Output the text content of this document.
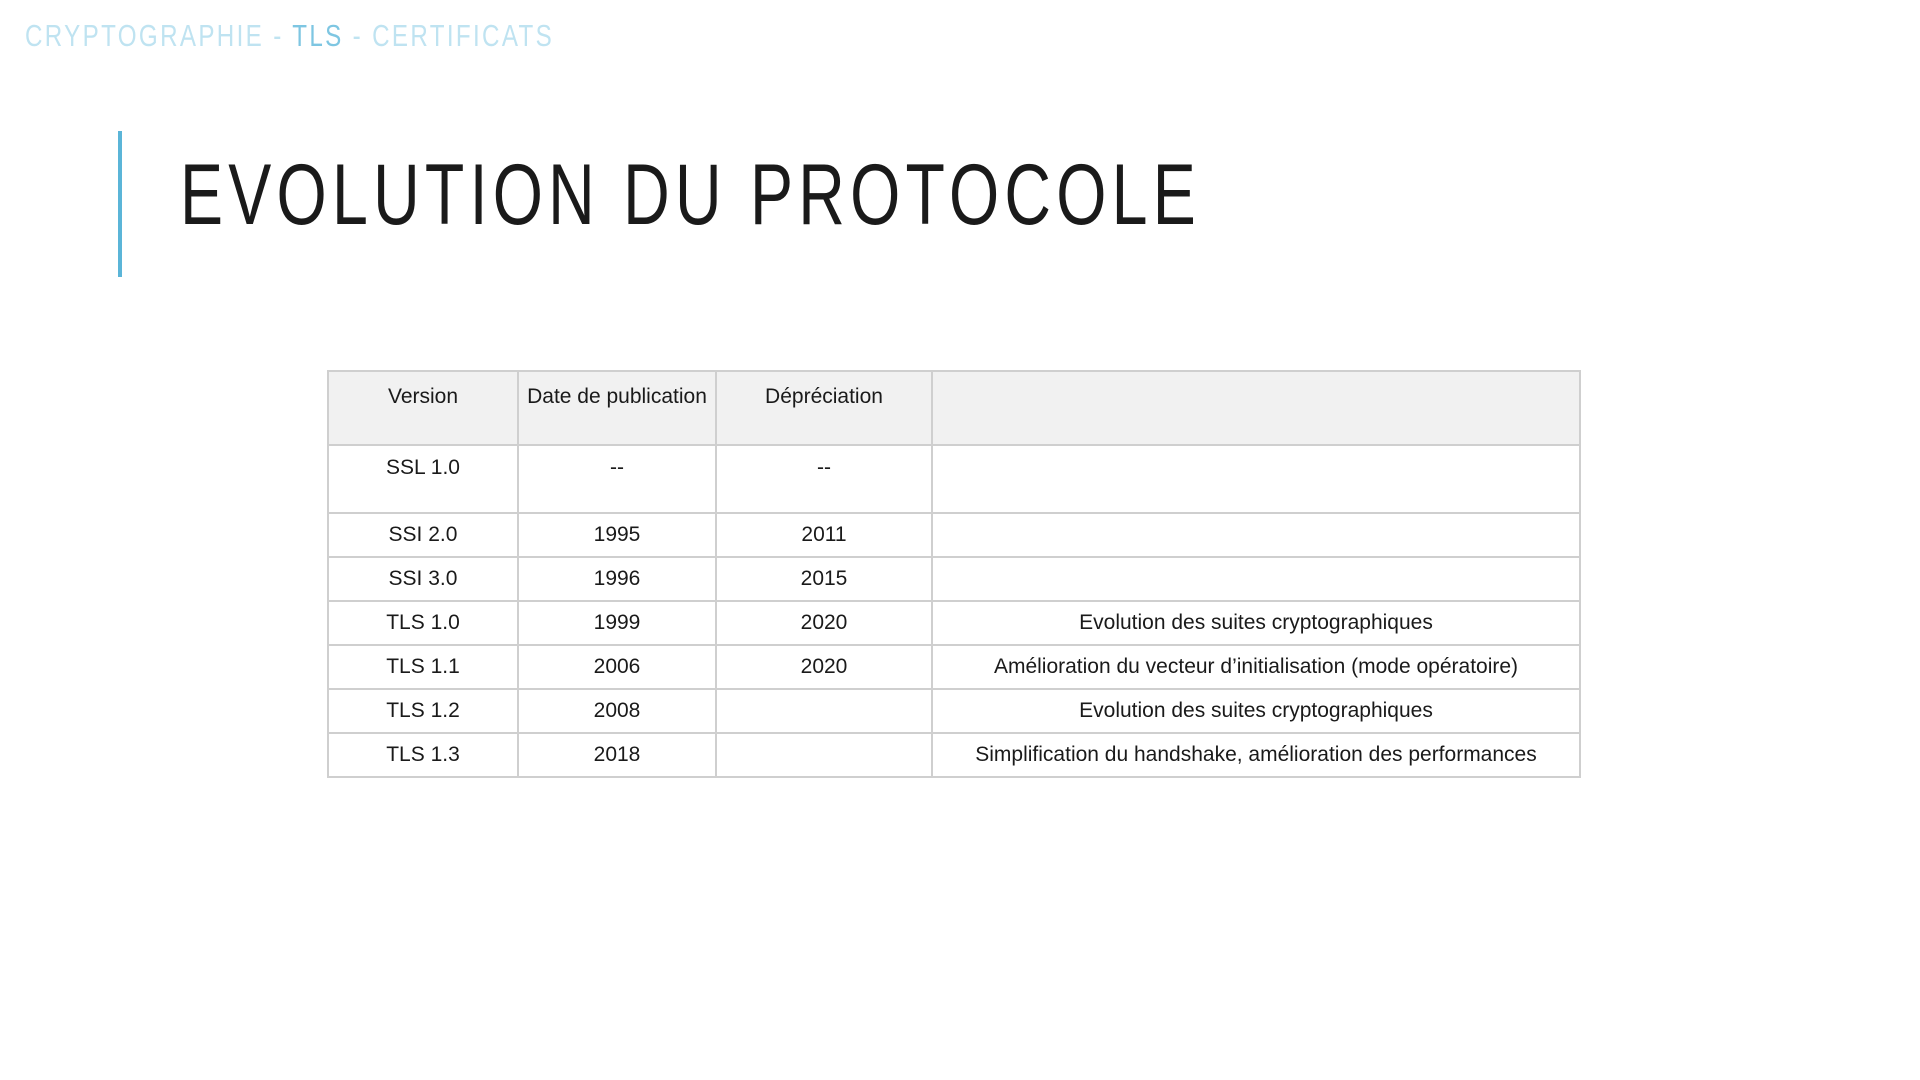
CRYPTOGRAPHIE - TLS - CERTIFICATS
EVOLUTION DU PROTOCOLE
Version	Date de publication	Dépréciation	
SSL 1.0	--	--	
SSI 2.0	1995	2011	
SSI 3.0	1996	2015	
TLS 1.0	1999	2020	Evolution des suites cryptographiques
TLS 1.1	2006	2020	Amélioration du vecteur d’initialisation (mode opératoire)
TLS 1.2	2008		Evolution des suites cryptographiques
TLS 1.3	2018		Simplification du handshake, amélioration des performances
